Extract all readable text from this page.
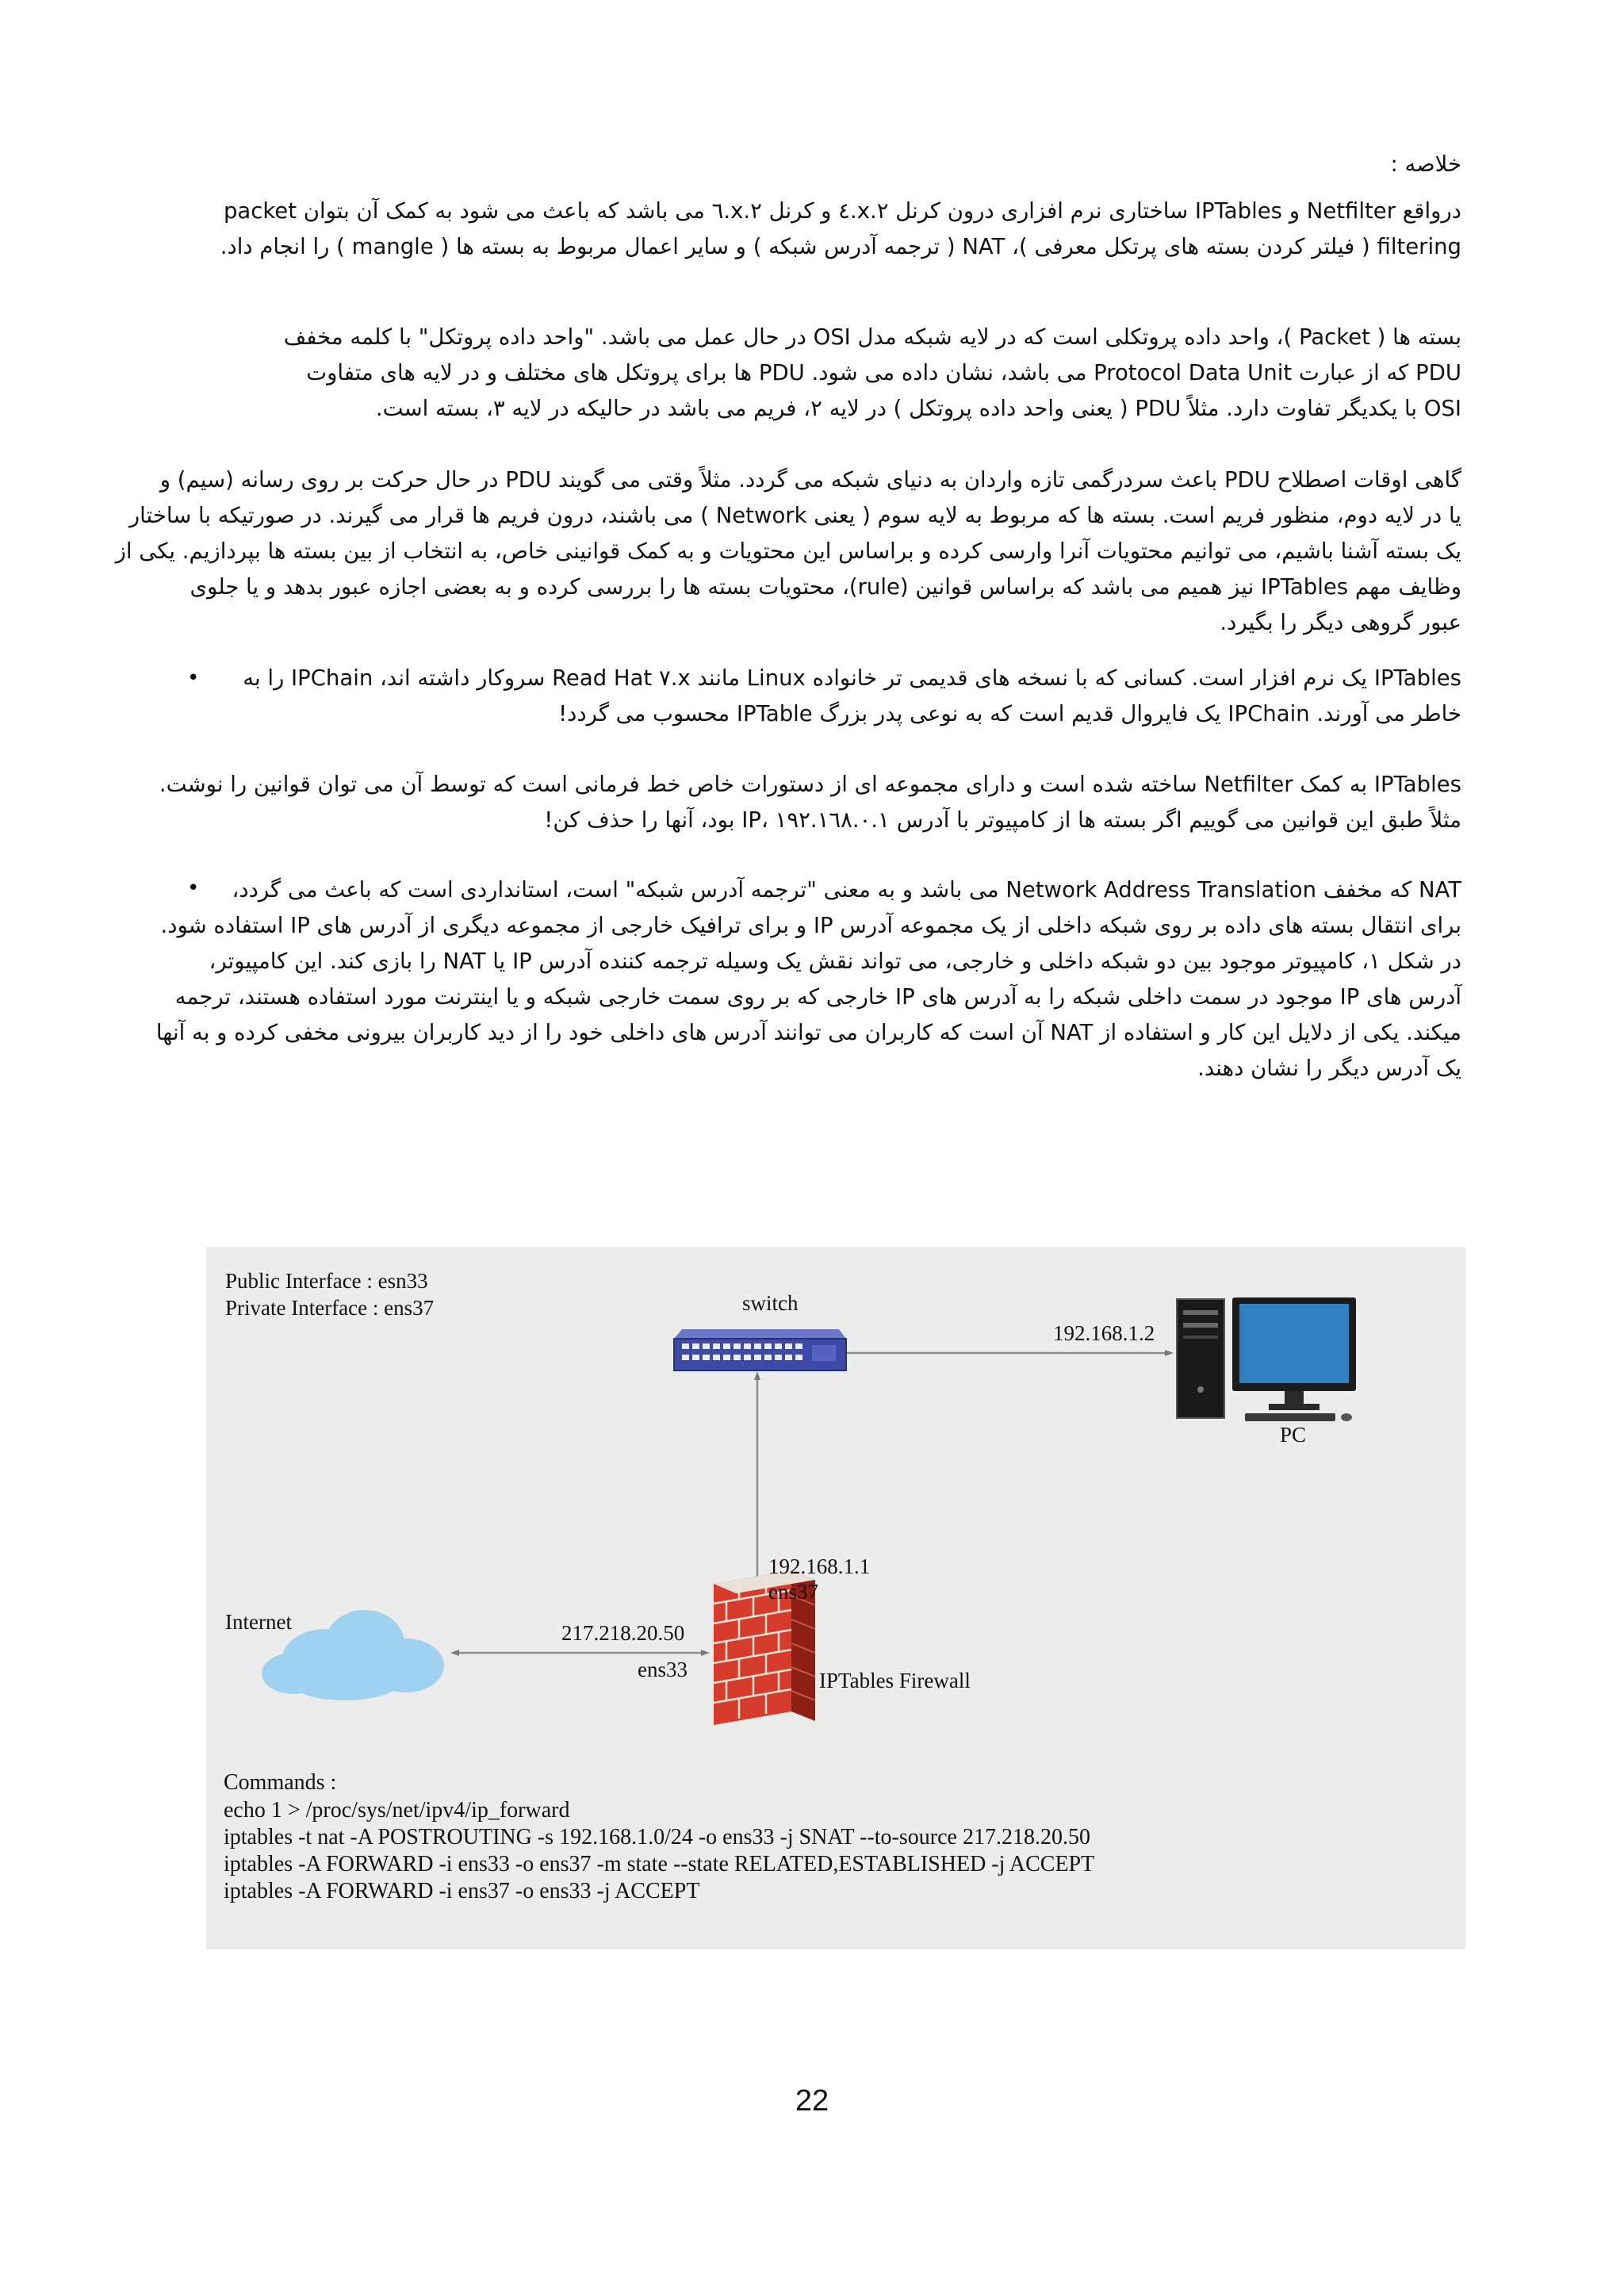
خلاصه :
درواقع Netfilter و IPTables ساختاری نرم افزاری درون کرنل x.۲.٤ و کرنل x.۲.٦ می باشد که باعث می شود به کمک آن بتوان packet
filtering ( فیلتر کردن بسته های پرتکل معرفی )، NAT ( ترجمه آدرس شبکه ) و سایر اعمال مربوط به بسته ها ( mangle ) را انجام داد.
بسته ها ( Packet )، واحد داده پروتکلی است که در لایه شبکه مدل OSI در حال عمل می باشد. "واحد داده پروتکل" با کلمه مخفف
PDU که از عبارت Protocol Data Unit می باشد، نشان داده می شود. PDU ها برای پروتکل های مختلف و در لایه های متفاوت
OSI با یکدیگر تفاوت دارد. مثلاً PDU ( یعنی واحد داده پروتکل ) در لایه ۲، فریم می باشد در حالیکه در لایه ۳، بسته است.
گاهی اوقات اصطلاح PDU باعث سردرگمی تازه واردان به دنیای شبکه می گردد. مثلاً وقتی می گویند PDU در حال حرکت بر روی رسانه (سیم) و
یا در لایه دوم، منظور فریم است. بسته ها که مربوط به لایه سوم ( یعنی Network ) می باشند، درون فریم ها قرار می گیرند. در صورتیکه با ساختار
یک بسته آشنا باشیم، می توانیم محتویات آنرا وارسی کرده و براساس این محتویات و به کمک قوانینی خاص، به انتخاب از بین بسته ها بپردازیم. یکی از
وظایف مهم IPTables نیز همیم می باشد که براساس قوانین (rule)، محتویات بسته ها را بررسی کرده و به بعضی اجازه عبور بدهد و یا جلوی
عبور گروهی دیگر را بگیرد.
• IPTables یک نرم افزار است. کسانی که با نسخه های قدیمی تر خانواده Linux مانند Read Hat ۷.x سروکار داشته اند، IPChain را به
خاطر می آورند. IPChain یک فایروال قدیم است که به نوعی پدر بزرگ IPTable محسوب می گردد!
IPTables به کمک Netfilter ساخته شده است و دارای مجموعه ای از دستورات خاص خط فرمانی است که توسط آن می توان قوانین را نوشت.
مثلاً طبق این قوانین می گوییم اگر بسته ها از کامپیوتر با آدرس IP، ۱۹۲.۱٦۸.۰.۱ بود، آنها را حذف کن!
•	NAT که مخفف Network Address Translation می باشد و به معنی "ترجمه آدرس شبکه" است، استانداردی است که باعث می گردد،
برای انتقال بسته های داده بر روی شبکه داخلی از یک مجموعه آدرس IP و برای ترافیک خارجی از مجموعه دیگری از آدرس های IP استفاده شود.
در شکل ۱، کامپیوتر موجود بین دو شبکه داخلی و خارجی، می تواند نقش یک وسیله ترجمه کننده آدرس IP یا NAT را بازی کند. این کامپیوتر،
آدرس های IP موجود در سمت داخلی شبکه را به آدرس های IP خارجی که بر روی سمت خارجی شبکه و یا اینترنت مورد استفاده هستند، ترجمه
میکند. یکی از دلایل این کار و استفاده از NAT آن است که کاربران می توانند آدرس های داخلی خود را از دید کاربران بیرونی مخفی کرده و به آنها
یک آدرس دیگر را نشان دهند.
Public Interface : esn33
Private Interface : ens37	switch
192.168.1.2
PC
192.168.1.1
ens37
Internet	217.218.20.50
ens33	IPTables Firewall
Commands :
echo 1 > /proc/sys/net/ipv4/ip_forward
iptables -t nat -A POSTROUTING -s 192.168.1.0/24 -o ens33 -j SNAT --to-source 217.218.20.50
iptables -A FORWARD -i ens33 -o ens37 -m state --state RELATED,ESTABLISHED -j ACCEPT
iptables -A FORWARD -i ens37 -o ens33 -j ACCEPT
22
